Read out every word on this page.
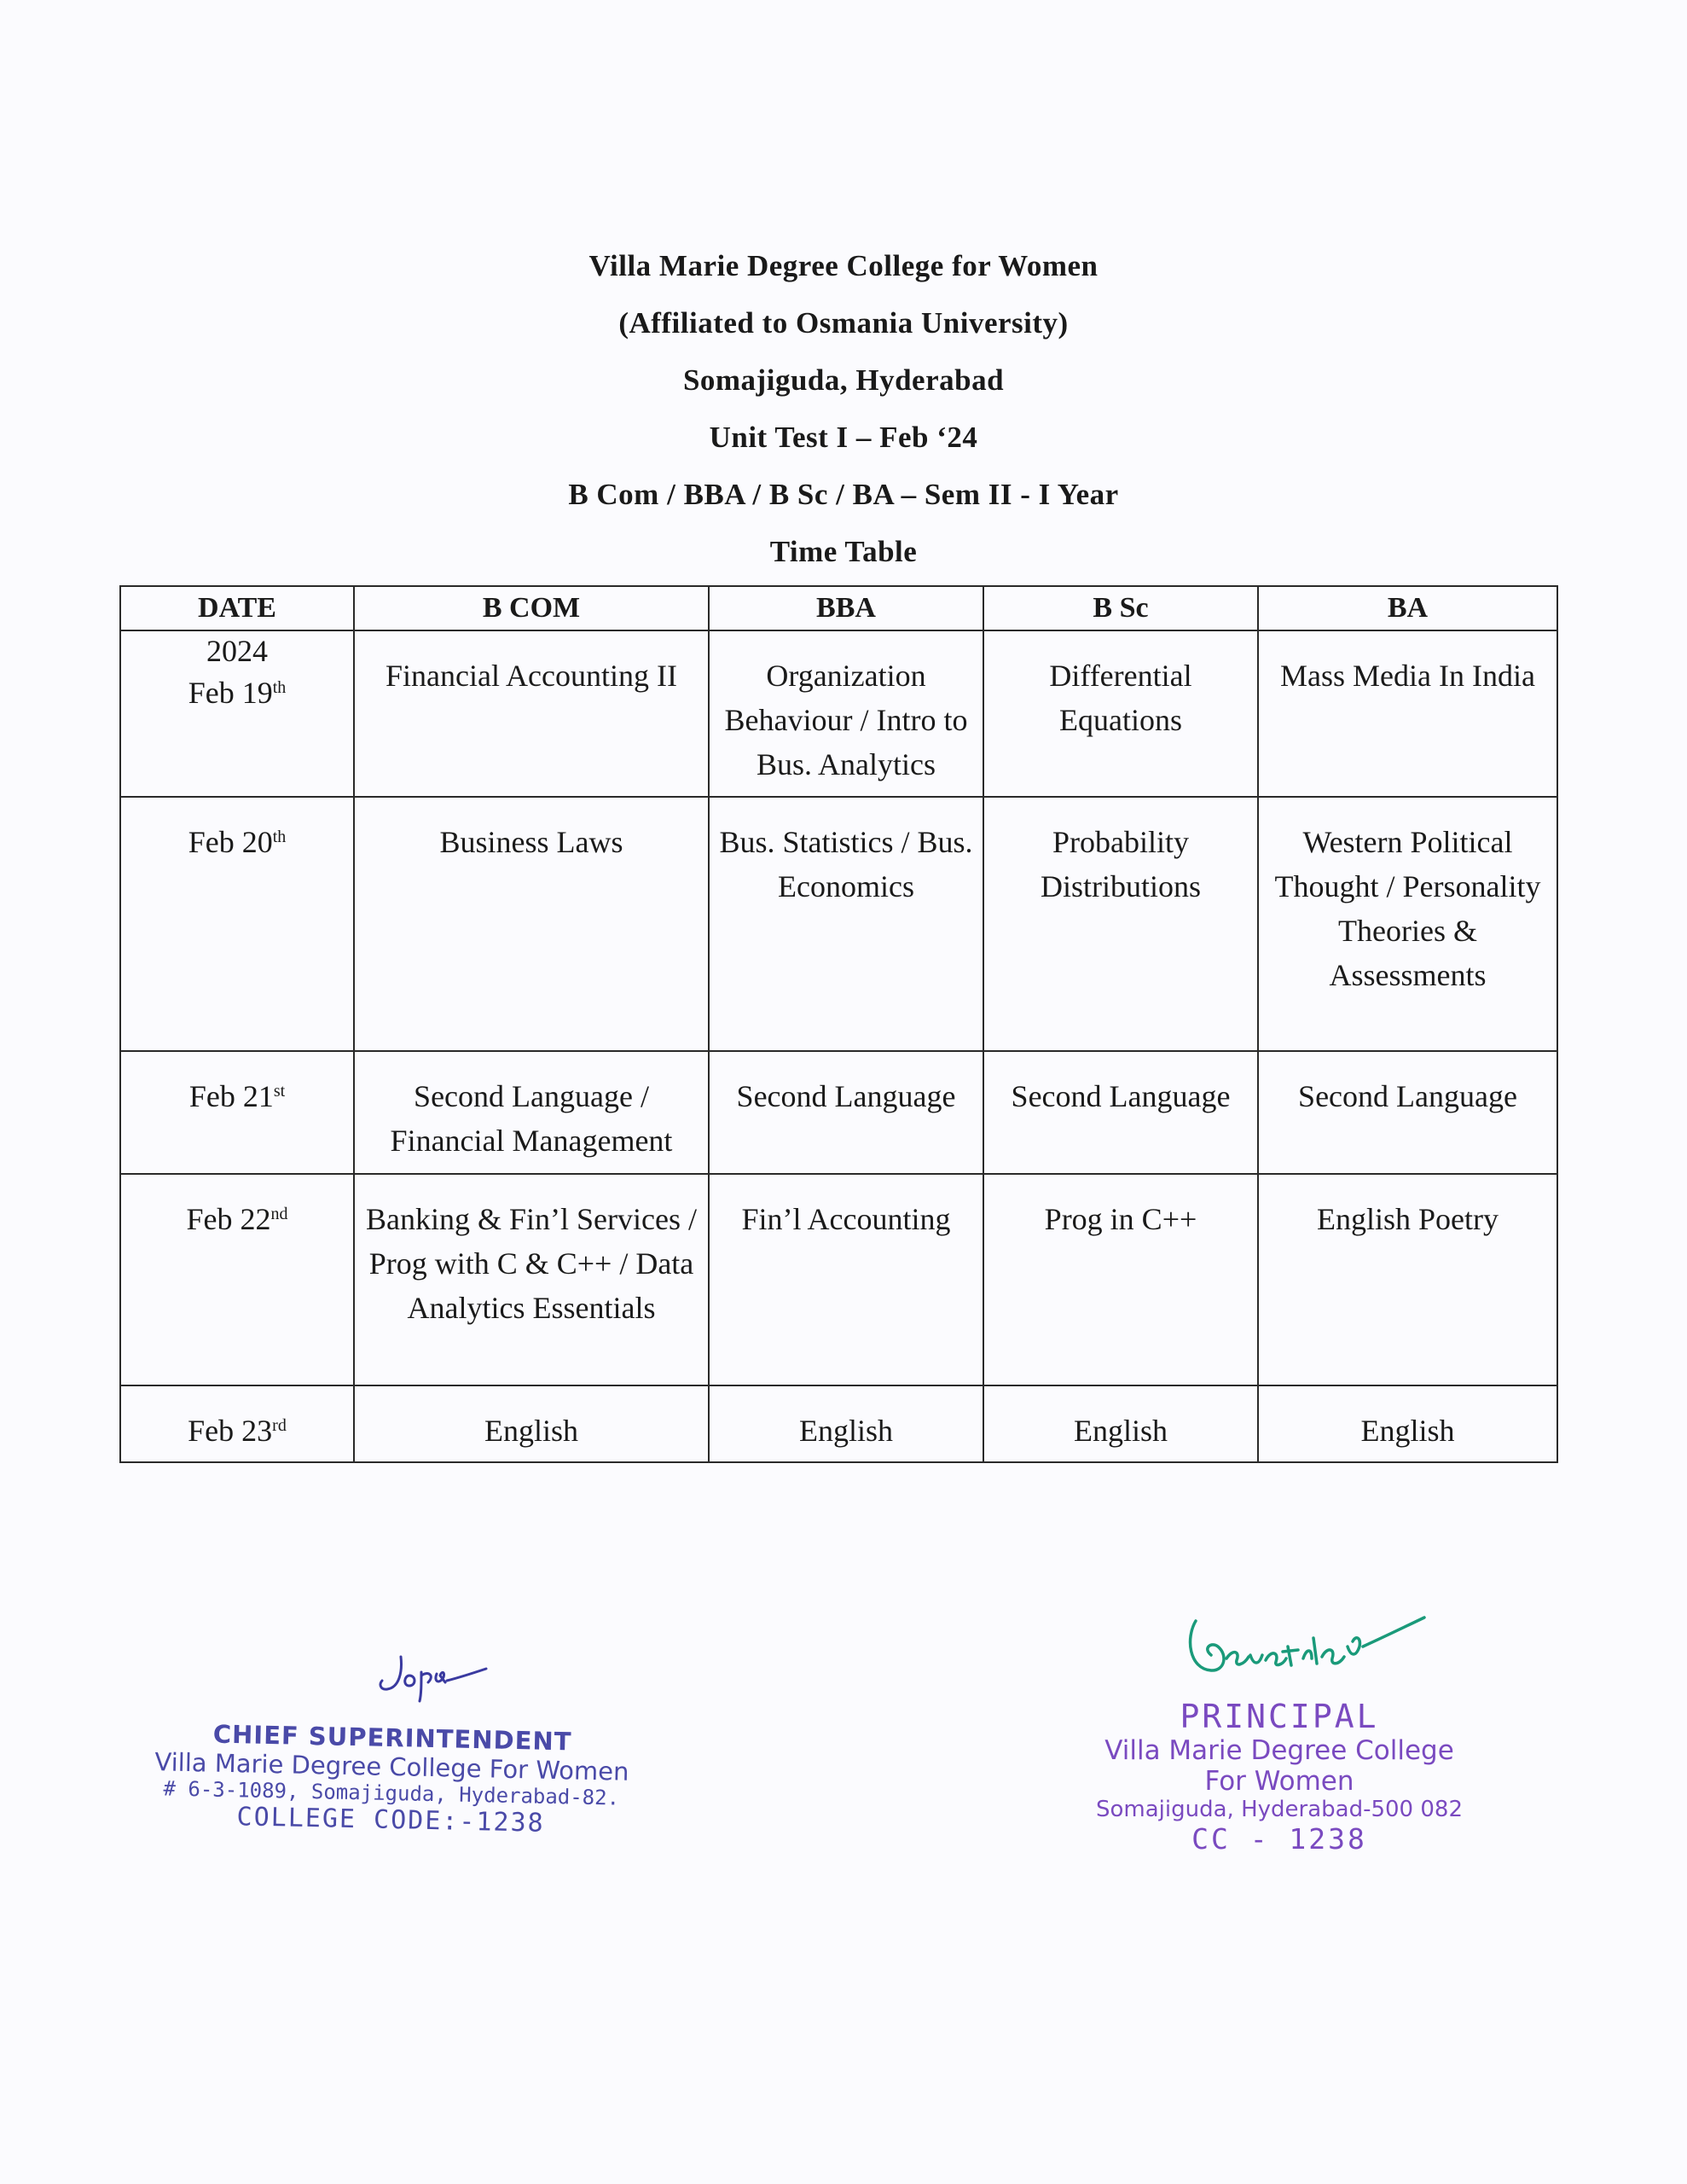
Villa Marie Degree College for Women
(Affiliated to Osmania University)
Somajiguda, Hyderabad
Unit Test I – Feb ‘24
B Com / BBA / B Sc / BA – Sem II - I Year
Time Table
DATE	B COM	BBA	B Sc	BA

2024
Feb 19th	Financial Accounting II	Organization Behaviour / Intro to Bus. Analytics	Differential Equations	Mass Media In India
Feb 20th	Business Laws	Bus. Statistics / Bus. Economics	Probability Distributions	Western Political Thought / Personality Theories & Assessments
Feb 21st	Second Language / Financial Management	Second Language	Second Language	Second Language
Feb 22nd	Banking & Fin’l Services / Prog with C & C++ / Data Analytics Essentials	Fin’l Accounting	Prog in C++	English Poetry
Feb 23rd	English	English	English	English
CHIEF SUPERINTENDENT
Villa Marie Degree College For Women
# 6-3-1089, Somajiguda, Hyderabad-82.
COLLEGE CODE:-1238
PRINCIPAL
Villa Marie Degree College
For Women
Somajiguda, Hyderabad-500 082
CC - 1238
